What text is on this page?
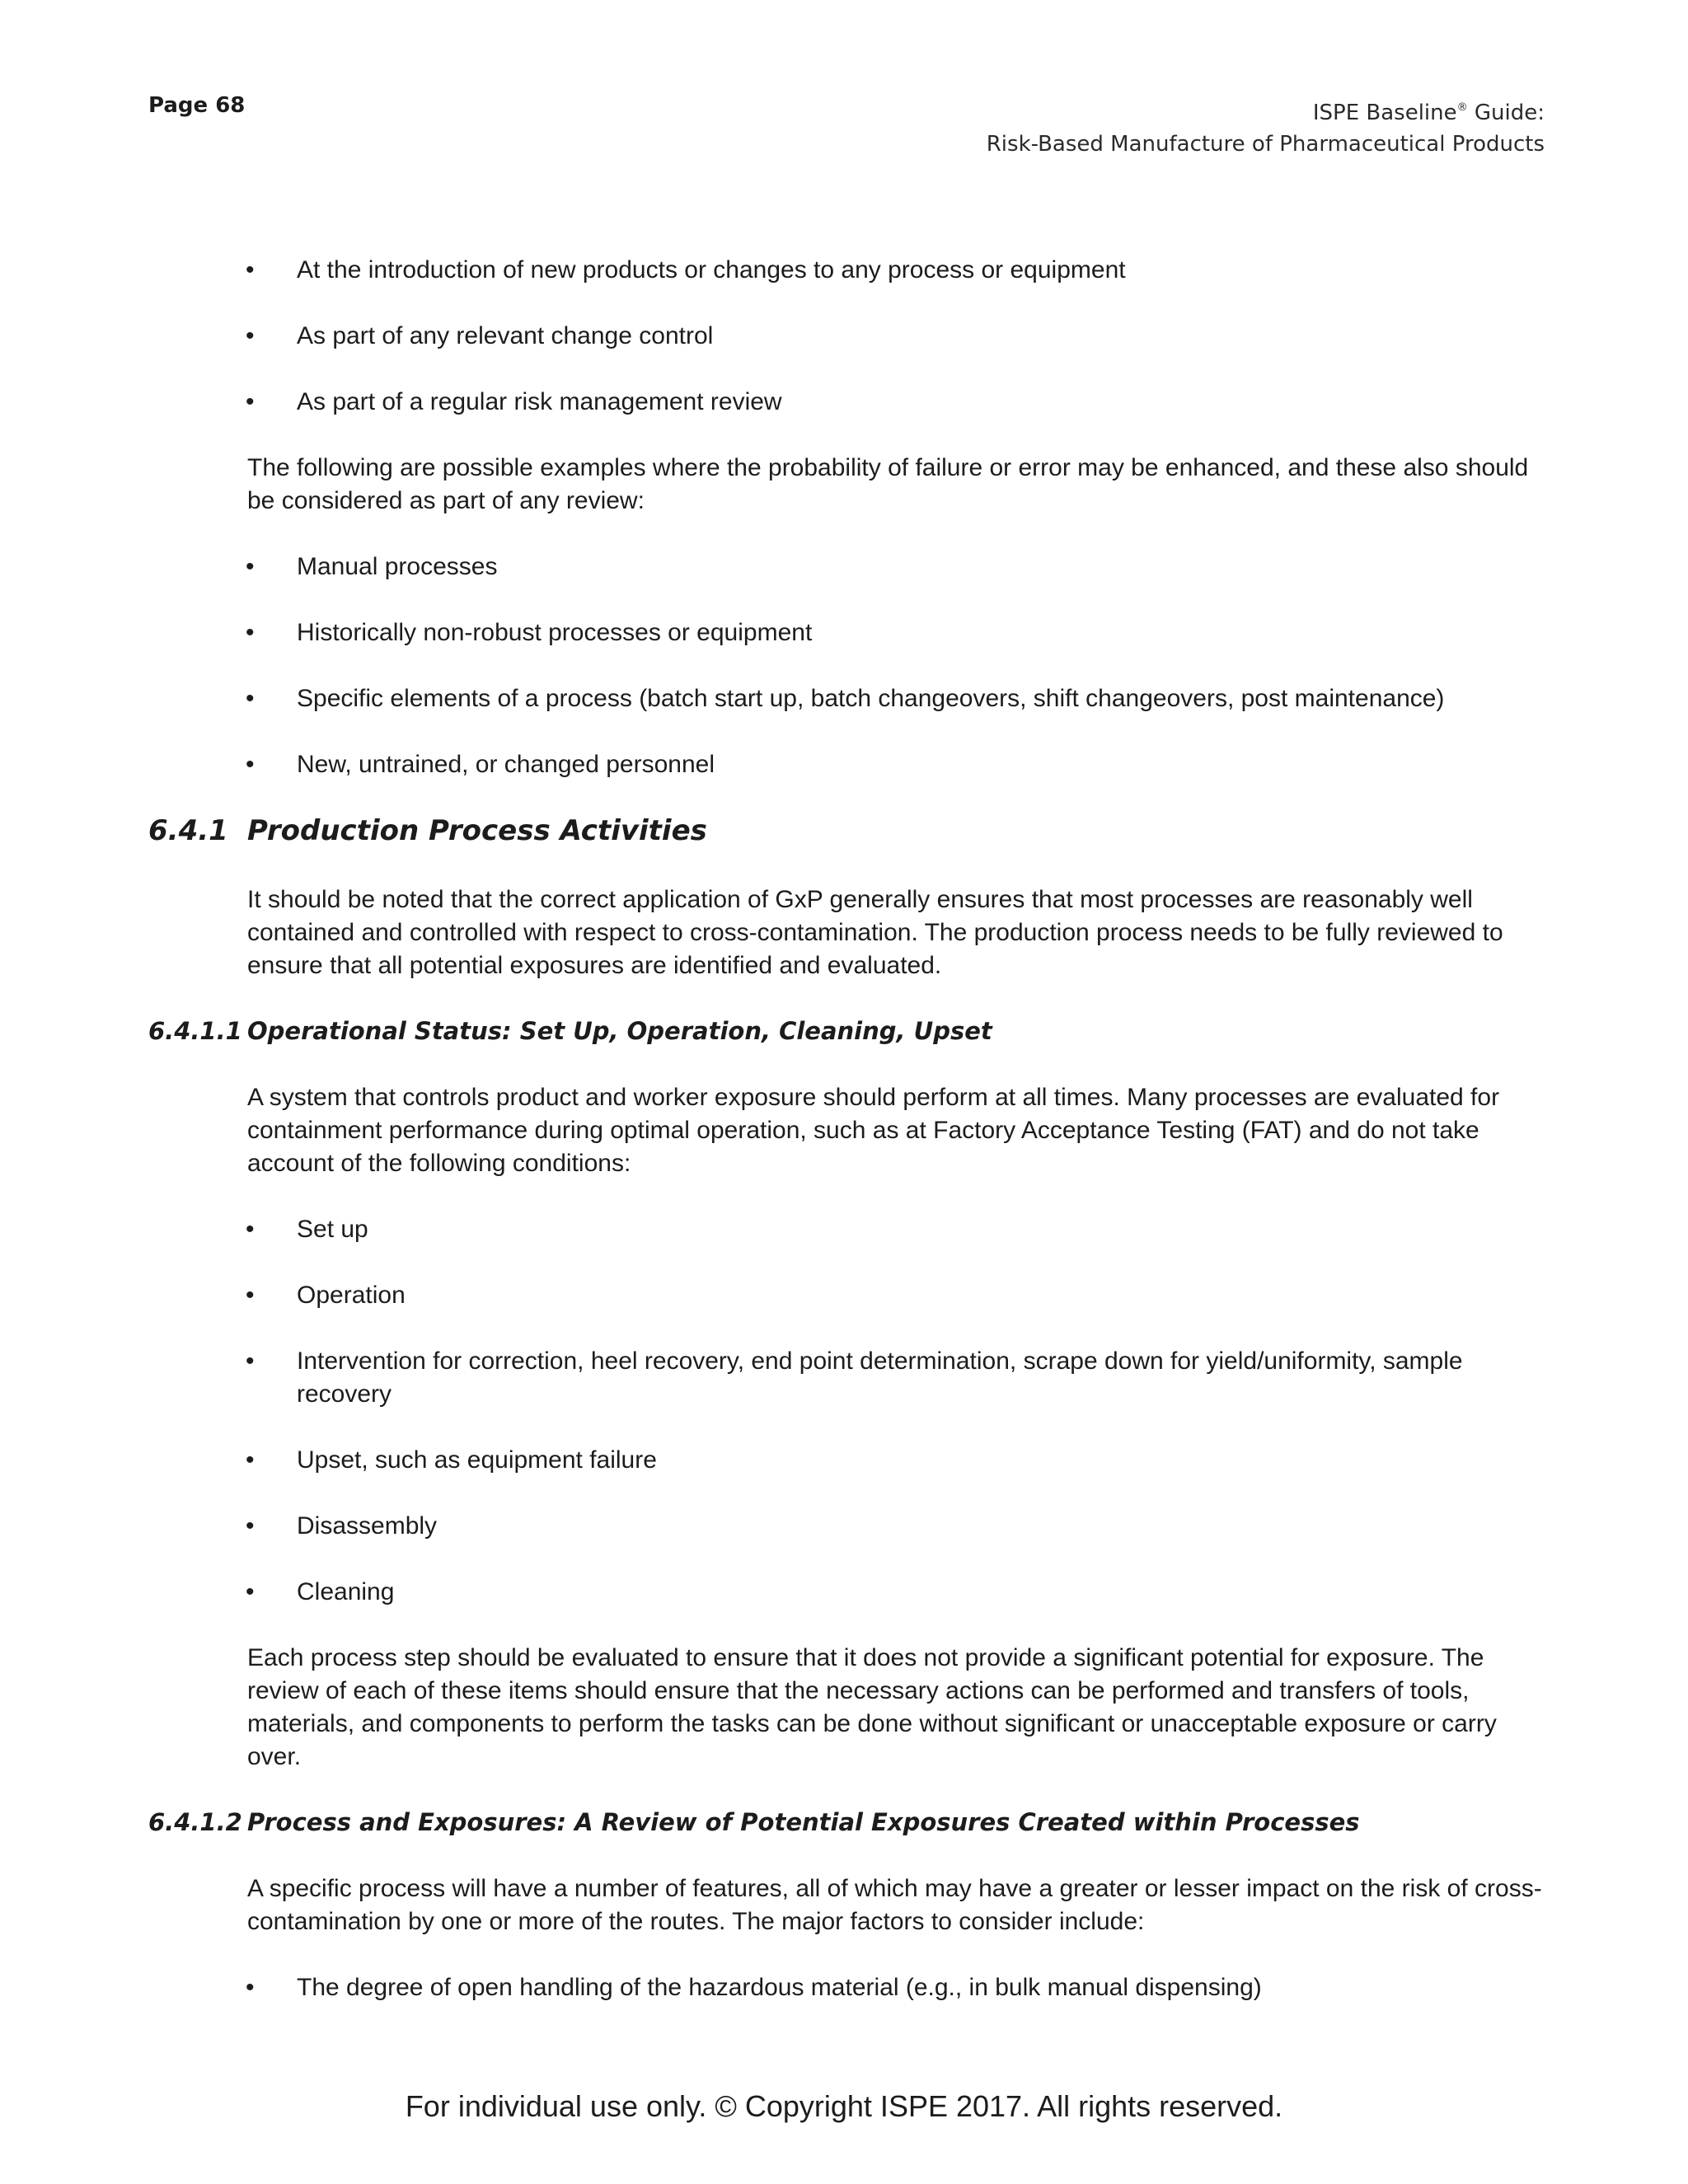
Page 68	ISPE Baseline® Guide:
Risk-Based Manufacture of Pharmaceutical Products
• At the introduction of new products or changes to any process or equipment
• As part of any relevant change control
• As part of a regular risk management review

The following are possible examples where the probability of failure or error may be enhanced, and these also should be considered as part of any review:

• Manual processes
• Historically non-robust processes or equipment
• Specific elements of a process (batch start up, batch changeovers, shift changeovers, post maintenance)
• New, untrained, or changed personnel
6.4.1 Production Process Activities

It should be noted that the correct application of GxP generally ensures that most processes are reasonably well contained and controlled with respect to cross-contamination. The production process needs to be fully reviewed to ensure that all potential exposures are identified and evaluated.

6.4.1.1 Operational Status: Set Up, Operation, Cleaning, Upset

A system that controls product and worker exposure should perform at all times. Many processes are evaluated for containment performance during optimal operation, such as at Factory Acceptance Testing (FAT) and do not take account of the following conditions:

• Set up
• Operation
• Intervention for correction, heel recovery, end point determination, scrape down for yield/uniformity, sample recovery
• Upset, such as equipment failure
• Disassembly
• Cleaning

Each process step should be evaluated to ensure that it does not provide a significant potential for exposure. The review of each of these items should ensure that the necessary actions can be performed and transfers of tools, materials, and components to perform the tasks can be done without significant or unacceptable exposure or carry over.

6.4.1.2 Process and Exposures: A Review of Potential Exposures Created within Processes

A specific process will have a number of features, all of which may have a greater or lesser impact on the risk of cross-contamination by one or more of the routes. The major factors to consider include:

• The degree of open handling of the hazardous material (e.g., in bulk manual dispensing)

For individual use only. © Copyright ISPE 2017. All rights reserved.
